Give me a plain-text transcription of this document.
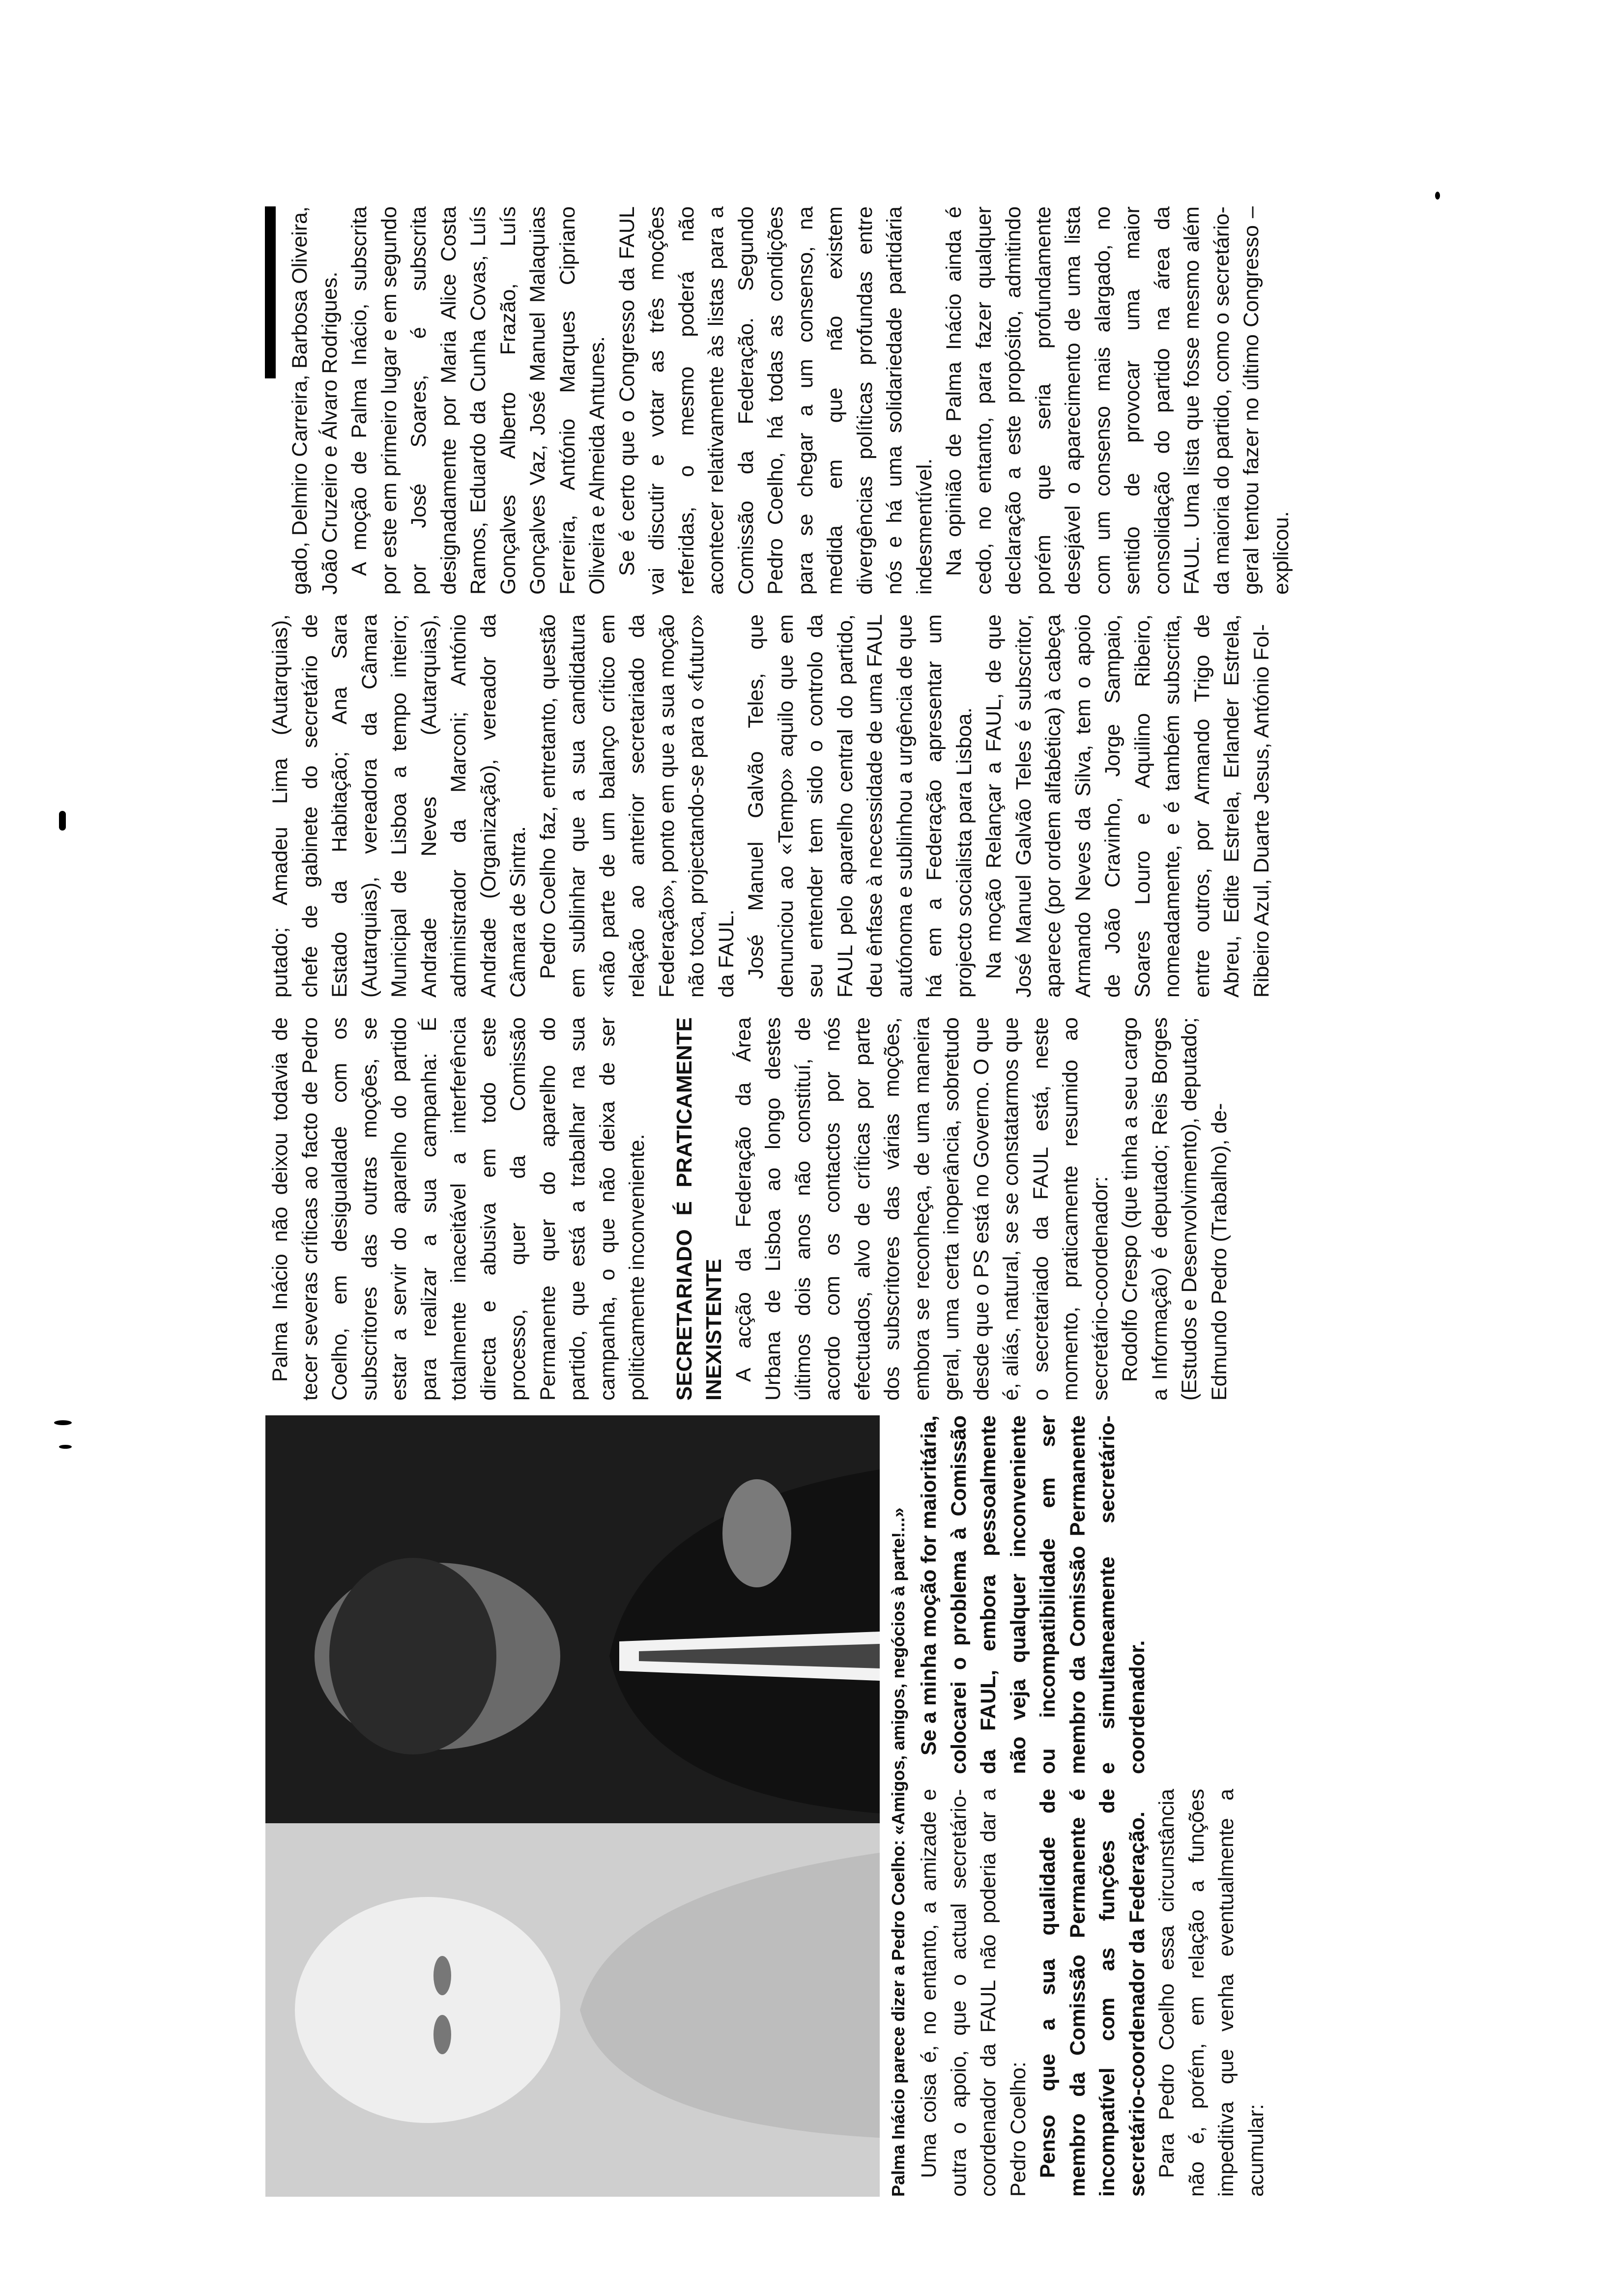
Palma Inácio parece dizer a Pedro Coelho: «Amigos, amigos, negócios à parte!...» Uma coisa é, no entanto, a amizade e outra o apoio, que o actual secretário-coordenador da FAUL não poderia dar a Pedro Coelho: Penso que a sua qualidade de membro da Comissão Permanente é incompatível com as funções de secretário-coordenador da Federação. Para Pedro Coelho essa circunstância não é, porém, em relação a funções impeditiva que venha eventualmente a acumular:

Se a minha moção for maioritária, colocarei o problema à Comissão da FAUL, embora pessoalmente não veja qualquer inconveniente ou incompatibilidade em ser membro da Comissão Permanente e simultaneamente secretário-coordenador.

Palma Inácio não deixou todavia de tecer severas críticas ao facto de Pedro Coelho, em desigualdade com os subscritores das outras moções, se estar a servir do aparelho do partido para realizar a sua campanha: É totalmente inaceitável a interferência directa e abusiva em todo este processo, quer da Comissão Permanente quer do aparelho do partido, que está a trabalhar na sua campanha, o que não deixa de ser politicamente inconveniente. SECRETARIADO É PRATICAMENTE INEXISTENTE A acção da Federação da Área Urbana de Lisboa ao longo destes últimos dois anos não constituí, de acordo com os contactos por nós efectuados, alvo de críticas por parte dos subscritores das várias moções, embora se reconheça, de uma maneira geral, uma certa inoperância, sobretudo desde que o PS está no Governo. O que é, aliás, natural, se se constatarmos que o secretariado da FAUL está, neste momento, praticamente resumido ao secretário-coordenador: Rodolfo Crespo (que tinha a seu cargo a Informação) é deputado; Reis Borges (Estudos e Desenvolvimento), deputado; Edmundo Pedro (Trabalho), de-

putado; Amadeu Lima (Autarquias), chefe de gabinete do secretário de Estado da Habitação; Ana Sara (Autarquias), vereadora da Câmara Municipal de Lisboa a tempo inteiro; Andrade Neves (Autarquias), administrador da Marconi; António Andrade (Organização), vereador da Câmara de Sintra. Pedro Coelho faz, entretanto, questão em sublinhar que a sua candidatura «não parte de um balanço crítico em relação ao anterior secretariado da Federação», ponto em que a sua moção não toca, projectando-se para o «futuro» da FAUL. José Manuel Galvão Teles, que denunciou ao «Tempo» aquilo que em seu entender tem sido o controlo da FAUL pelo aparelho central do partido, deu ênfase à necessidade de uma FAUL autónoma e sublinhou a urgência de que há em a Federação apresentar um projecto socialista para Lisboa. Na moção Relançar a FAUL, de que José Manuel Galvão Teles é subscritor, aparece (por ordem alfabética) à cabeça Armando Neves da Silva, tem o apoio de João Cravinho, Jorge Sampaio, Soares Louro e Aquilino Ribeiro, nomeadamente, e é também subscrita, entre outros, por Armando Trigo de Abreu, Edite Estrela, Erlander Estrela, Ribeiro Azul, Duarte Jesus, António Fol-

gado, Delmiro Carreira, Barbosa Oliveira, João Cruzeiro e Álvaro Rodrigues. A moção de Palma Inácio, subscrita por este em primeiro lugar e em segundo por José Soares, é subscrita designadamente por Maria Alice Costa Ramos, Eduardo da Cunha Covas, Luís Gonçalves Alberto Frazão, Luís Gonçalves Vaz, José Manuel Malaquias Ferreira, António Marques Cipriano Oliveira e Almeida Antunes. Se é certo que o Congresso da FAUL vai discutir e votar as três moções referidas, o mesmo poderá não acontecer relativamente às listas para a Comissão da Federação. Segundo Pedro Coelho, há todas as condições para se chegar a um consenso, na medida em que não existem divergências políticas profundas entre nós e há uma solidariedade partidária indesmentível. Na opinião de Palma Inácio ainda é cedo, no entanto, para fazer qualquer declaração a este propósito, admitindo porém que seria profundamente desejável o aparecimento de uma lista com um consenso mais alargado, no sentido de provocar uma maior consolidação do partido na área da FAUL. Uma lista que fosse mesmo além da maioria do partido, como o secretário-geral tentou fazer no último Congresso – explicou.
